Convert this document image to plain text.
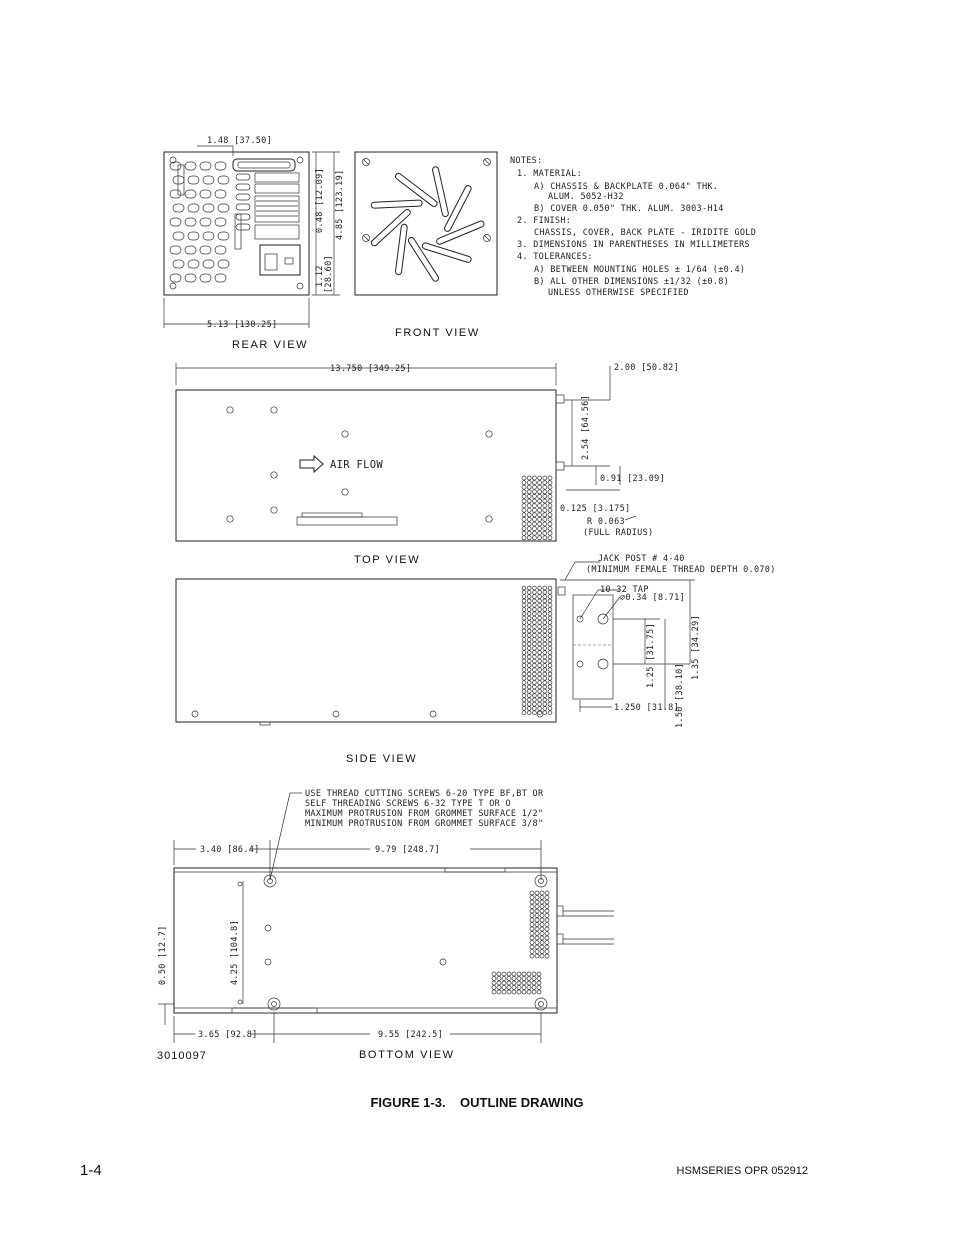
1.48 [37.50]
0.48 [12.09] 4.85 [123.19]
1.12 [28.60]
5.13 [130.25]
REAR VIEW
FRONT VIEW
NOTES:
1. MATERIAL:
A) CHASSIS & BACKPLATE 0.064" THK.
ALUM. 5052-H32
B) COVER 0.050" THK. ALUM. 3003-H14
2. FINISH:
CHASSIS, COVER, BACK PLATE - IRIDITE GOLD
3. DIMENSIONS IN PARENTHESES IN MILLIMETERS
4. TOLERANCES:
A) BETWEEN MOUNTING HOLES ± 1/64 (±0.4)
B) ALL OTHER DIMENSIONS ±1/32 (±0.8)
UNLESS OTHERWISE SPECIFIED
13.750 [349.25]
AIR FLOW
2.00 [50.82]
2.54 [64.56]
0.91 [23.09]
0.125 [3.175]
R 0.063
(FULL RADIUS)
TOP VIEW	JACK POST # 4-40
(MINIMUM FEMALE THREAD DEPTH 0.070)
10-32 TAP
⌀0.34 [8.71]
1.25 [31.75]	1.35 [34.29]
1.50 [38.10]
1.250 [31.8]
SIDE VIEW
USE THREAD CUTTING SCREWS 6-20 TYPE BF,BT OR
SELF THREADING SCREWS 6-32 TYPE T OR O
MAXIMUM PROTRUSION FROM GROMMET SURFACE 1/2"
MINIMUM PROTRUSION FROM GROMMET SURFACE 3/8"
3.40 [86.4]	9.79 [248.7]
4.25 [104.8]
0.50 [12.7]
3.65 [92.8]	9.55 [242.5]
BOTTOM VIEW
3010097
FIGURE 1-3. OUTLINE DRAWING
1-4	HSMSERIES OPR 052912
